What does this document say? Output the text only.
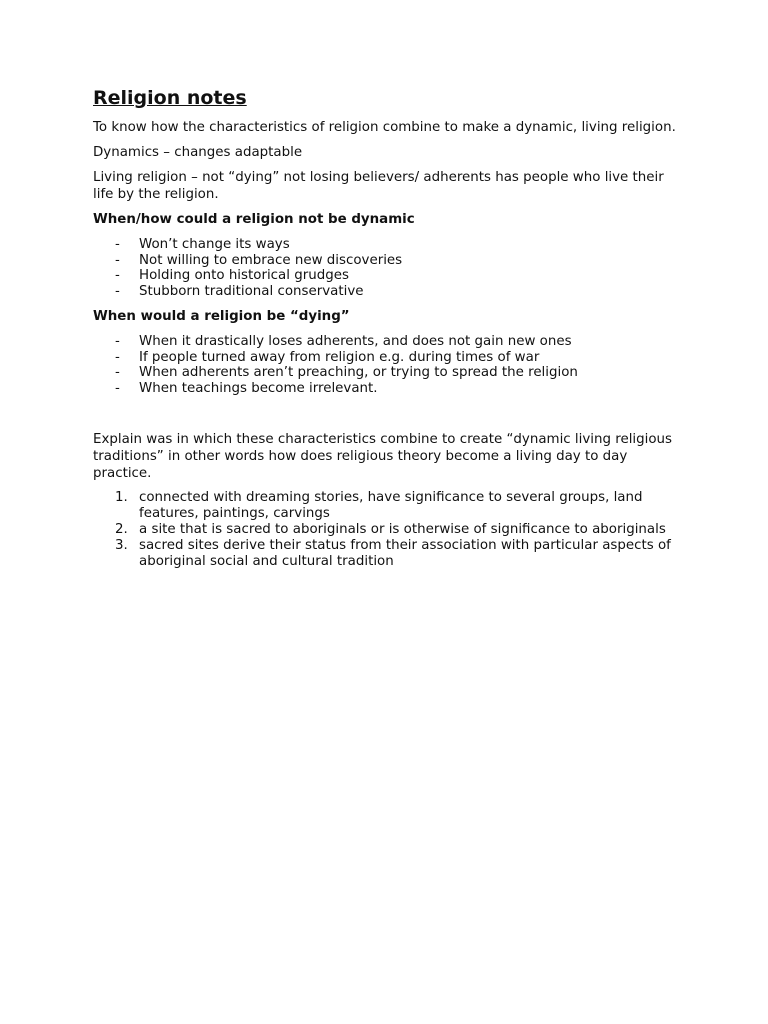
Religion notes

To know how the characteristics of religion combine to make a dynamic, living religion.

Dynamics – changes adaptable

Living religion – not “dying” not losing believers/ adherents has people who live their life by the religion.

When/how could a religion not be dynamic
- Won’t change its ways
- Not willing to embrace new discoveries
- Holding onto historical grudges
- Stubborn traditional conservative
When would a religion be “dying”
- When it drastically loses adherents, and does not gain new ones
- If people turned away from religion e.g. during times of war
- When adherents aren’t preaching, or trying to spread the religion
- When teachings become irrelevant.

Explain was in which these characteristics combine to create “dynamic living religious traditions” in other words how does religious theory become a living day to day practice.

1. connected with dreaming stories, have significance to several groups, land features, paintings, carvings
2. a site that is sacred to aboriginals or is otherwise of significance to aboriginals
3. sacred sites derive their status from their association with particular aspects of aboriginal social and cultural tradition
